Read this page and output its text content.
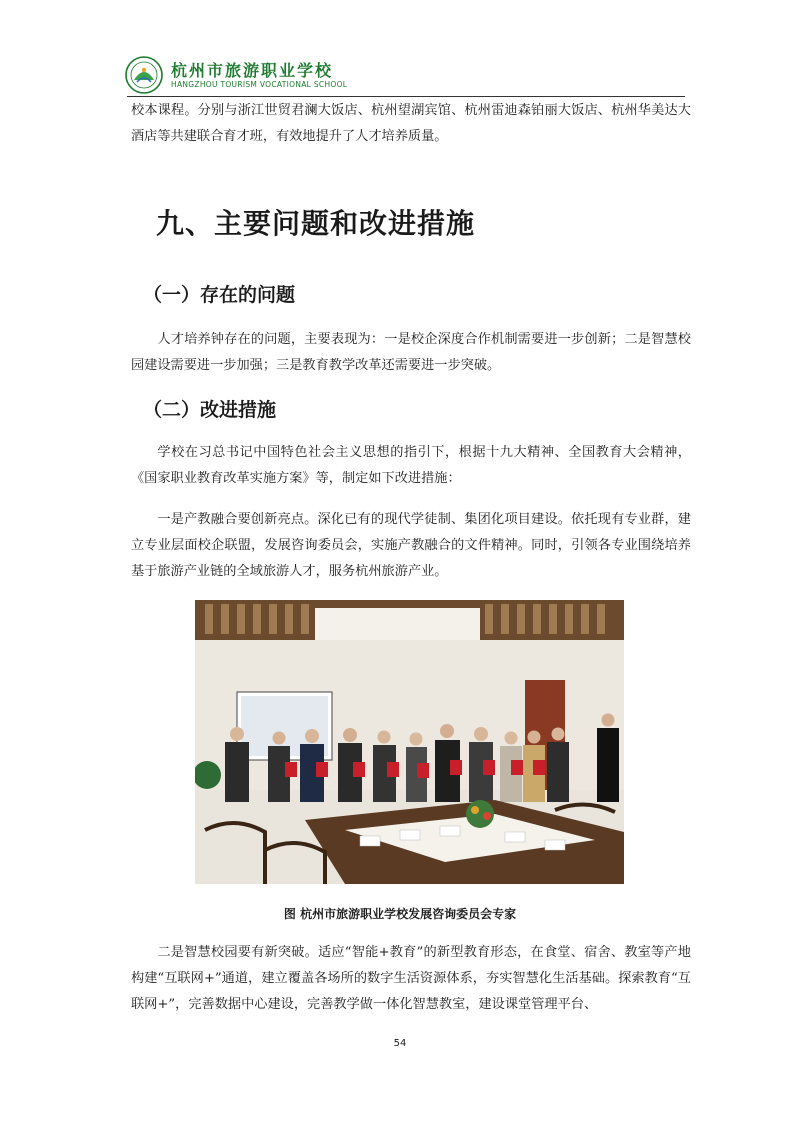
杭州市旅游职业学校
HANGZHOU TOURISM VOCATIONAL SCHOOL

校本课程。分别与浙江世贸君澜大饭店、杭州望湖宾馆、杭州雷迪森铂丽大饭店、杭州华美达大酒店等共建联合育才班，有效地提升了人才培养质量。

九、主要问题和改进措施
（一）存在的问题

人才培养钟存在的问题，主要表现为：一是校企深度合作机制需要进一步创新；二是智慧校园建设需要进一步加强；三是教育教学改革还需要进一步突破。

（二）改进措施

学校在习总书记中国特色社会主义思想的指引下，根据十九大精神、全国教育大会精神，《国家职业教育改革实施方案》等，制定如下改进措施：

一是产教融合要创新亮点。深化已有的现代学徒制、集团化项目建设。依托现有专业群，建立专业层面校企联盟，发展咨询委员会，实施产教融合的文件精神。同时，引领各专业围绕培养基于旅游产业链的全域旅游人才，服务杭州旅游产业。

图 杭州市旅游职业学校发展咨询委员会专家

二是智慧校园要有新突破。适应“智能+教育”的新型教育形态，在食堂、宿舍、教室等产地构建“互联网+”通道，建立覆盖各场所的数字生活资源体系，夯实智慧化生活基础。探索教育“互联网+”，完善数据中心建设，完善教学做一体化智慧教室，建设课堂管理平台、

54
